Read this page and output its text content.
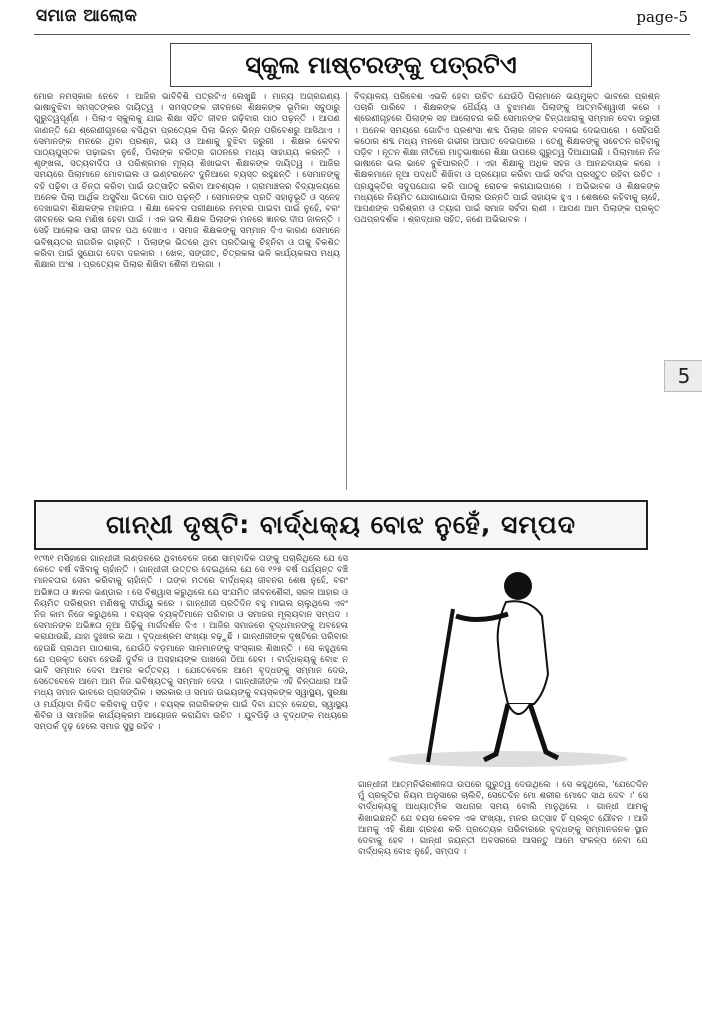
ସମାଜ ଆଲୋକ	page-5
ସ୍କୁଲ ମାଷ୍ଟରଙ୍କୁ ପତ୍ରଟିଏ

ମୋର ନମସ୍କାର ନେବେ । ଆଜିର ଭାବିବିଶି ପତ୍ରଟିଏ ଲେଖୁଛି । ମାନ୍ୟ ଅଗ୍ରଗଣ୍ୟ ଭାଷାବୁଝିବା ସମସ୍ତଙ୍କର ଦାୟିତ୍ୱ । ସମସ୍ତଙ୍କ ଜୀବନରେ ଶିକ୍ଷକଙ୍କ ଭୂମିକା ସବୁଠାରୁ ଗୁରୁତ୍ୱପୂର୍ଣ୍ଣ । ପିଲାଏ ସ୍କୁଲକୁ ଯାଇ ଶିକ୍ଷା ସହିତ ଜୀବନ ଗଢ଼ିବାର ପାଠ ପଢ଼ନ୍ତି । ଆପଣ ଜାଣନ୍ତି ଯେ ଶ୍ରେଣୀଗୃହରେ ବସିଥିବା ପ୍ରତ୍ୟେକ ପିଲା ଭିନ୍ନ ଭିନ୍ନ ପରିବେଶରୁ ଆସିଥାଏ । ସେମାନଙ୍କ ମନରେ ଥିବା ପ୍ରଶ୍ନ, ଭୟ ଓ ଆଶାକୁ ବୁଝିବା ଜରୁରୀ । ଶିକ୍ଷକ କେବଳ ପାଠ୍ୟପୁସ୍ତକ ପଢ଼ାଇବା ନୁହେଁ, ପିଲାଙ୍କ ଚରିତ୍ର ଗଠନରେ ମଧ୍ୟ ସାହାଯ୍ୟ କରନ୍ତି । ଶୃଙ୍ଖଳା, ସତ୍ୟବାଦିତା ଓ ପରିଶ୍ରମର ମୂଲ୍ୟ ଶିଖାଇବା ଶିକ୍ଷକଙ୍କ ଦାୟିତ୍ୱ । ଆଜିର ସମୟରେ ପିଲାମାନେ ମୋବାଇଲ ଓ ଇଣ୍ଟରନେଟ ଦୁନିଆରେ ବ୍ୟସ୍ତ ରହୁଛନ୍ତି । ସେମାନଙ୍କୁ ବହି ପଢ଼ିବା ଓ ଚିନ୍ତା କରିବା ପାଇଁ ଉତ୍ସାହିତ କରିବା ଆବଶ୍ୟକ । ଗ୍ରାମାଞ୍ଚଳର ବିଦ୍ୟାଳୟରେ ଅନେକ ପିଲା ଆର୍ଥିକ ଅସୁବିଧା ଭିତରେ ପାଠ ପଢ଼ନ୍ତି । ସେମାନଙ୍କ ପ୍ରତି ସହାନୁଭୂତି ଓ ସ୍ନେହ ଦେଖାଇବା ଶିକ୍ଷକଙ୍କ ମହାନତା । ଶିକ୍ଷା କେବଳ ପରୀକ୍ଷାରେ ନମ୍ବର ପାଇବା ପାଇଁ ନୁହେଁ, ବରଂ ଜୀବନରେ ଭଲ ମଣିଷ ହେବା ପାଇଁ । ଏକ ଭଲ ଶିକ୍ଷକ ପିଲାଙ୍କ ମନରେ ଜ୍ଞାନର ଦୀପ ଜାଳନ୍ତି । ସେହି ଆଲୋକ ସାରା ଜୀବନ ପଥ ଦେଖାଏ । ସମାଜ ଶିକ୍ଷକଙ୍କୁ ସମ୍ମାନ ଦିଏ କାରଣ ସେମାନେ ଭବିଷ୍ୟତର ନାଗରିକ ଗଢ଼ନ୍ତି । ପିଲାଙ୍କ ଭିତରେ ଥିବା ପ୍ରତିଭାକୁ ଚିହ୍ନିବା ଓ ତାକୁ ବିକଶିତ କରିବା ପାଇଁ ସୁଯୋଗ ଦେବା ଦରକାର । ଖେଳ, ସଙ୍ଗୀତ, ଚିତ୍ରକଳା ଭଳି କାର୍ଯ୍ୟକଳାପ ମଧ୍ୟ ଶିକ୍ଷାର ଅଂଶ । ପ୍ରତ୍ୟେକ ପିଲାର ଶିଖିବା ଶୈଳୀ ଅଲଗା ।

ବିଦ୍ୟାଳୟ ପରିବେଶ ଏଭଳି ହେବା ଉଚିତ ଯେଉଁଠି ପିଲାମାନେ ଭୟମୁକ୍ତ ଭାବରେ ପ୍ରଶ୍ନ ପଚାରି ପାରିବେ । ଶିକ୍ଷକଙ୍କ ଧୈର୍ଯ୍ୟ ଓ ବୁଝାମଣା ପିଲାଙ୍କୁ ଆତ୍ମବିଶ୍ୱାସୀ କରେ । ଶ୍ରେଣୀଗୃହରେ ପିଲାଙ୍କ ସହ ଆଲୋଚନା କରି ସେମାନଙ୍କ ଚିନ୍ତାଧାରାକୁ ସମ୍ମାନ ଦେବା ଜରୁରୀ । ଅନେକ ସମୟରେ ଗୋଟିଏ ପ୍ରଶଂସା ଶବ୍ଦ ପିଲାର ଜୀବନ ବଦଳାଇ ଦେଇପାରେ । ସେହିପରି କଠୋର ଶବ୍ଦ ମଧ୍ୟ ମନରେ ଗଭୀର ଆଘାତ ଦେଇପାରେ । ତେଣୁ ଶିକ୍ଷକଙ୍କୁ ସଚେତନ ରହିବାକୁ ପଡ଼ିବ । ନୂତନ ଶିକ୍ଷା ନୀତିରେ ମାତୃଭାଷାରେ ଶିକ୍ଷା ଉପରେ ଗୁରୁତ୍ୱ ଦିଆଯାଇଛି । ପିଲାମାନେ ନିଜ ଭାଷାରେ ଭଲ ଭାବେ ବୁଝିପାରନ୍ତି । ଏହା ଶିକ୍ଷାକୁ ଅଧିକ ସହଜ ଓ ଆନନ୍ଦଦାୟକ କରେ । ଶିକ୍ଷକମାନେ ନୂଆ ପଦ୍ଧତି ଶିଖିବା ଓ ପ୍ରୟୋଗ କରିବା ପାଇଁ ସର୍ବଦା ପ୍ରସ୍ତୁତ ରହିବା ଉଚିତ । ପ୍ରଯୁକ୍ତିର ସଦୁପଯୋଗ କରି ପାଠକୁ ରୋଚକ କରାଯାଇପାରେ । ଅଭିଭାବକ ଓ ଶିକ୍ଷକଙ୍କ ମଧ୍ୟରେ ନିୟମିତ ଯୋଗାଯୋଗ ପିଲାର ଉନ୍ନତି ପାଇଁ ସହାୟକ ହୁଏ । ଶେଷରେ କହିବାକୁ ଚାହେଁ, ଆପଣଙ୍କ ପରିଶ୍ରମ ଓ ତ୍ୟାଗ ପାଇଁ ସମାଜ ସର୍ବଦା ଋଣୀ । ଆପଣ ଆମ ପିଲାଙ୍କ ପ୍ରକୃତ ପଥପ୍ରଦର୍ଶକ । ଶ୍ରଦ୍ଧାର ସହିତ, ଜଣେ ଅଭିଭାବକ ।

5
ଗାନ୍ଧୀ ଦୃଷ୍ଟି: ବାର୍ଦ୍ଧକ୍ୟ ବୋଝ ନୁହେଁ, ସମ୍ପଦ

୧୯୩୧ ମସିହାରେ ଗାନ୍ଧୀଜୀ ଲଣ୍ଡନରେ ଥିବାବେଳେ ଜଣେ ସାମ୍ବାଦିକ ତାଙ୍କୁ ପଚାରିଥିଲେ ଯେ ସେ କେତେ ବର୍ଷ ବଞ୍ଚିବାକୁ ଚାହାଁନ୍ତି । ଗାନ୍ଧୀଜୀ ଉତ୍ତର ଦେଇଥିଲେ ଯେ ସେ ୧୨୫ ବର୍ଷ ପର୍ଯ୍ୟନ୍ତ ବଞ୍ଚି ମାନବତାର ସେବା କରିବାକୁ ଚାହାଁନ୍ତି । ତାଙ୍କ ମତରେ ବାର୍ଦ୍ଧକ୍ୟ ଜୀବନର ଶେଷ ନୁହେଁ, ବରଂ ଅଭିଜ୍ଞତା ଓ ଜ୍ଞାନର ଭଣ୍ଡାର । ସେ ବିଶ୍ୱାସ କରୁଥିଲେ ଯେ ସଂଯମିତ ଜୀବନଶୈଳୀ, ସରଳ ଆହାର ଓ ନିୟମିତ ପରିଶ୍ରମ ମଣିଷକୁ ଦୀର୍ଘାୟୁ କରେ । ଗାନ୍ଧୀଜୀ ପ୍ରତିଦିନ ବହୁ ମାଇଲ ଚାଲୁଥିଲେ ଏବଂ ନିଜ କାମ ନିଜେ କରୁଥିଲେ । ବୟସ୍କ ବ୍ୟକ୍ତିମାନେ ପରିବାର ଓ ସମାଜର ମୂଲ୍ୟବାନ ସମ୍ପଦ । ସେମାନଙ୍କ ଅଭିଜ୍ଞତା ନୂଆ ପିଢ଼ିକୁ ମାର୍ଗଦର୍ଶନ ଦିଏ । ଆଜିର ସମାଜରେ ବୃଦ୍ଧମାନଙ୍କୁ ଅବହେଳା କରାଯାଉଛି, ଯାହା ଦୁଃଖର କଥା । ବୃଦ୍ଧାଶ୍ରମ ସଂଖ୍ୟା ବଢ଼ୁଛି । ଗାନ୍ଧୀଜୀଙ୍କ ଦୃଷ୍ଟିରେ ପରିବାର ହେଉଛି ପ୍ରଥମ ପାଠଶାଳା, ଯେଉଁଠି ବଡ଼ମାନେ ସାନମାନଙ୍କୁ ସଂସ୍କାର ଶିଖାନ୍ତି । ସେ କହୁଥିଲେ ଯେ ପ୍ରକୃତ ସେବା ହେଉଛି ଦୁର୍ବଳ ଓ ଅସହାୟଙ୍କ ପାଖରେ ଠିଆ ହେବା । ବାର୍ଦ୍ଧକ୍ୟକୁ ବୋଝ ନ ଭାବି ସମ୍ମାନ ଦେବା ଆମର କର୍ତ୍ତବ୍ୟ । ଯେତେବେଳେ ଆମେ ବୃଦ୍ଧଙ୍କୁ ସମ୍ମାନ ଦେଉ, ସେତେବେଳେ ଆମେ ଆମ ନିଜ ଭବିଷ୍ୟତକୁ ସମ୍ମାନ ଦେଉ । ଗାନ୍ଧୀଜୀଙ୍କ ଏହି ଚିନ୍ତାଧାରା ଆଜି ମଧ୍ୟ ସମାନ ଭାବରେ ପ୍ରାସଙ୍ଗିକ । ସରକାର ଓ ସମାଜ ଉଭୟଙ୍କୁ ବୟସ୍କଙ୍କ ସ୍ୱାସ୍ଥ୍ୟ, ସୁରକ୍ଷା ଓ ମର୍ଯ୍ୟାଦା ନିଶ୍ଚିତ କରିବାକୁ ପଡ଼ିବ । ବୟସ୍କ ନାଗରିକଙ୍କ ପାଇଁ ଦିବା ଯତ୍ନ କେନ୍ଦ୍ର, ସ୍ୱାସ୍ଥ୍ୟ ଶିବିର ଓ ସାମାଜିକ କାର୍ଯ୍ୟକ୍ରମ ଆୟୋଜନ କରାଯିବା ଉଚିତ । ଯୁବପିଢ଼ି ଓ ବୃଦ୍ଧଙ୍କ ମଧ୍ୟରେ ସମ୍ପର୍କ ଦୃଢ଼ ହେଲେ ସମାଜ ସୁସ୍ଥ ରହିବ ।

ଗାନ୍ଧୀଜୀ ଆତ୍ମନିର୍ଭରଶୀଳତା ଉପରେ ଗୁରୁତ୍ୱ ଦେଉଥିଲେ । ସେ କହୁଥିଲେ, 'ଯେତେଦିନ ମୁଁ ପ୍ରକୃତିର ନିୟମ ଅନୁସାରେ ଚାଲିବି, ସେତେଦିନ ମୋ ଶରୀର ମୋତେ ସାଥ ଦେବ ।' ସେ ବାର୍ଦ୍ଧକ୍ୟକୁ ଆଧ୍ୟାତ୍ମିକ ସାଧନାର ସମୟ ବୋଲି ମାନୁଥିଲେ । ଗାନ୍ଧୀ ଆମକୁ ଶିଖାଇଛନ୍ତି ଯେ ବୟସ କେବଳ ଏକ ସଂଖ୍ୟା, ମନର ଉତ୍ସାହ ହିଁ ପ୍ରକୃତ ଯୌବନ । ଆଜି ଆମକୁ ଏହି ଶିକ୍ଷା ଗ୍ରହଣ କରି ପ୍ରତ୍ୟେକ ପରିବାରରେ ବୃଦ୍ଧଙ୍କୁ ସମ୍ମାନଜନକ ସ୍ଥାନ ଦେବାକୁ ହେବ । ଗାନ୍ଧୀ ଜୟନ୍ତୀ ଅବସରରେ ଆସନ୍ତୁ ଆମେ ସଂକଳ୍ପ ନେବା ଯେ ବାର୍ଦ୍ଧକ୍ୟ ବୋଝ ନୁହେଁ, ସମ୍ପଦ ।
